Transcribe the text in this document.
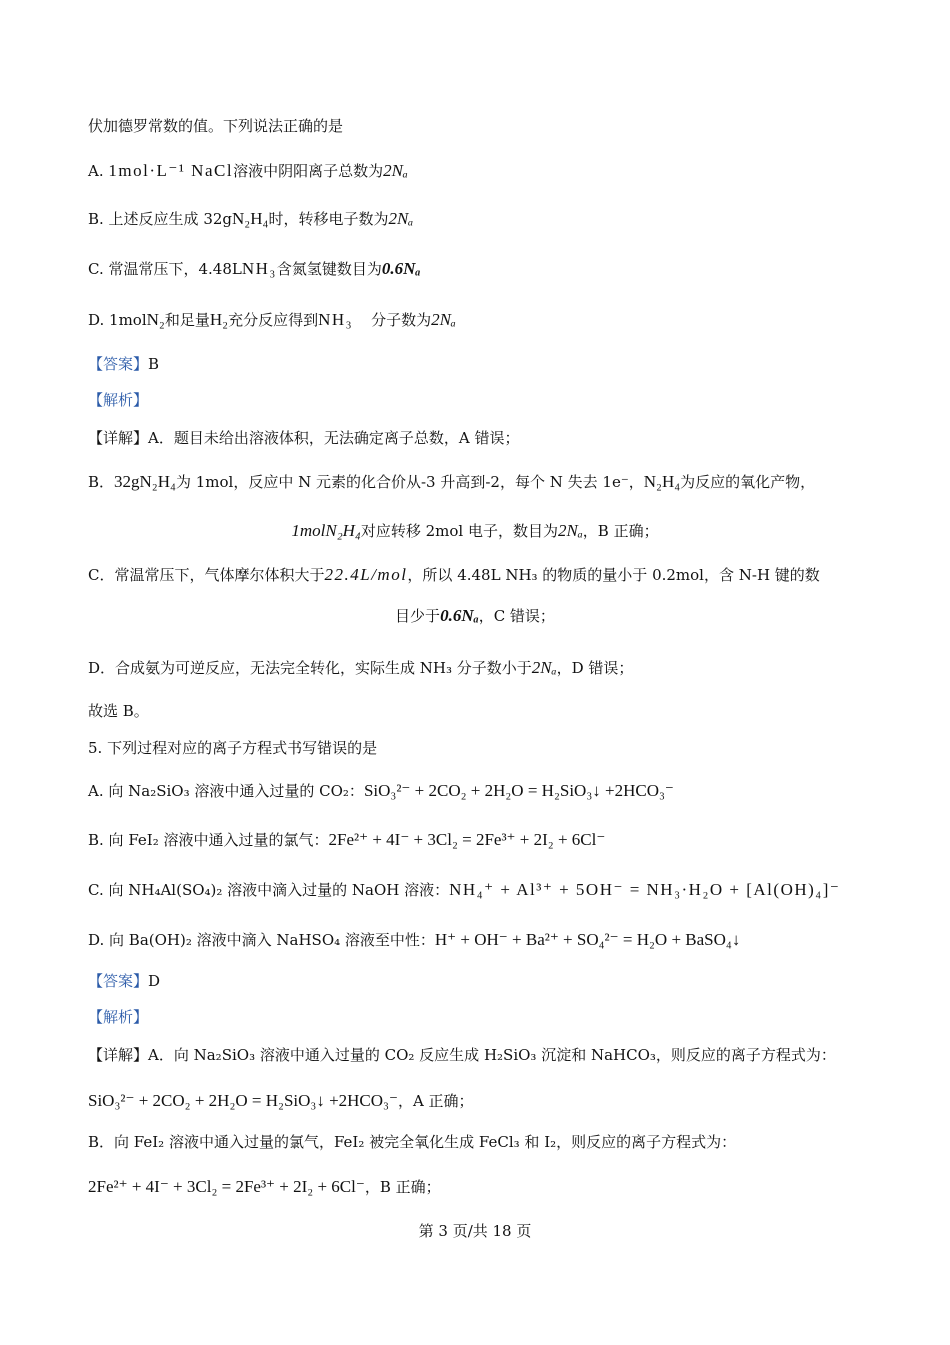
伏加德罗常数的值。下列说法正确的是
A. 1mol·L⁻¹ NaCl溶液中阴阳离子总数为2Nₐ
B. 上述反应生成 32gN₂H₄时，转移电子数为2Nₐ
C. 常温常压下，4.48LNH₃含氮氢键数目为0.6Nₐ
D. 1molN₂和足量H₂充分反应得到NH₃ 分子数为2Nₐ
【答案】B
【解析】
【详解】A．题目未给出溶液体积，无法确定离子总数，A 错误；
B．32gN₂H₄为 1mol，反应中 N 元素的化合价从-3 升高到-2，每个 N 失去 1e⁻，N₂H₄为反应的氧化产物，
1molN₂H₄对应转移 2mol 电子，数目为2Nₐ，B 正确；
C．常温常压下，气体摩尔体积大于22.4L/mol，所以 4.48L NH₃ 的物质的量小于 0.2mol，含 N-H 键的数
目少于0.6Nₐ，C 错误；
D．合成氨为可逆反应，无法完全转化，实际生成 NH₃ 分子数小于2Nₐ，D 错误；
故选 B。
5. 下列过程对应的离子方程式书写错误的是
A. 向 Na₂SiO₃ 溶液中通入过量的 CO₂：SiO₃²⁻ + 2CO₂ + 2H₂O = H₂SiO₃↓ +2HCO₃⁻
B. 向 FeI₂ 溶液中通入过量的氯气：2Fe²⁺ + 4I⁻ + 3Cl₂ = 2Fe³⁺ + 2I₂ + 6Cl⁻
C. 向 NH₄Al(SO₄)₂ 溶液中滴入过量的 NaOH 溶液：NH₄⁺ + Al³⁺ + 5OH⁻ = NH₃·H₂O + [Al(OH)₄]⁻
D. 向 Ba(OH)₂ 溶液中滴入 NaHSO₄ 溶液至中性：H⁺ + OH⁻ + Ba²⁺ + SO₄²⁻ = H₂O + BaSO₄↓
【答案】D
【解析】
【详解】A．向 Na₂SiO₃ 溶液中通入过量的 CO₂ 反应生成 H₂SiO₃ 沉淀和 NaHCO₃，则反应的离子方程式为：
SiO₃²⁻ + 2CO₂ + 2H₂O = H₂SiO₃↓ +2HCO₃⁻，A 正确；
B．向 FeI₂ 溶液中通入过量的氯气，FeI₂ 被完全氧化生成 FeCl₃ 和 I₂，则反应的离子方程式为：
2Fe²⁺ + 4I⁻ + 3Cl₂ = 2Fe³⁺ + 2I₂ + 6Cl⁻，B 正确；
第 3 页/共 18 页
